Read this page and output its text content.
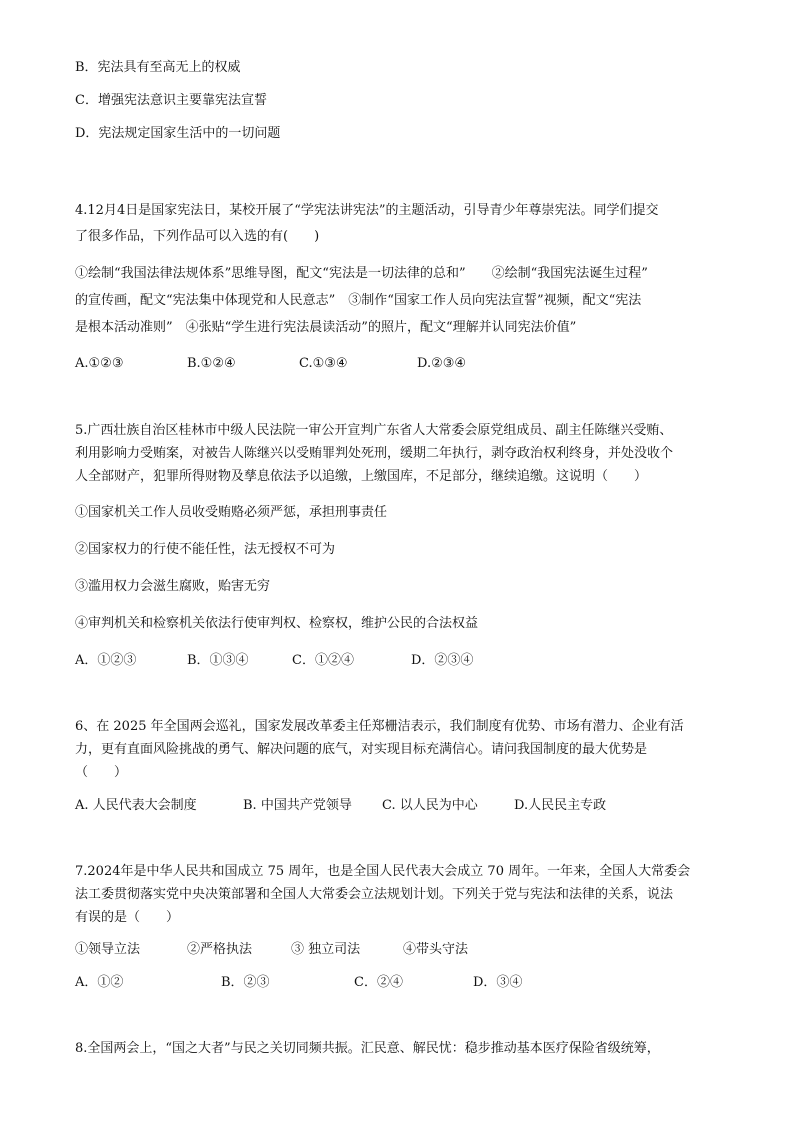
B．宪法具有至高无上的权威
C．增强宪法意识主要靠宪法宣誓
D．宪法规定国家生活中的一切问题
4.12月4日是国家宪法日，某校开展了“学宪法讲宪法”的主题活动，引导青少年尊崇宪法。同学们提交
了很多作品，下列作品可以入选的有(　　)
①绘制“我国法律法规体系”思维导图，配文“宪法是一切法律的总和”　　②绘制“我国宪法诞生过程”
的宣传画，配文“宪法集中体现党和人民意志”　③制作“国家工作人员向宪法宣誓”视频，配文“宪法
是根本活动准则”　④张贴“学生进行宪法晨读活动”的照片，配文“理解并认同宪法价值”
A.①②③	B.①②④	C.①③④	D.②③④
5.广西壮族自治区桂林市中级人民法院一审公开宣判广东省人大常委会原党组成员、副主任陈继兴受贿、
利用影响力受贿案，对被告人陈继兴以受贿罪判处死刑，缓期二年执行，剥夺政治权利终身，并处没收个
人全部财产，犯罪所得财物及孳息依法予以追缴，上缴国库，不足部分，继续追缴。这说明（　　）
①国家机关工作人员收受贿赂必须严惩，承担刑事责任
②国家权力的行使不能任性，法无授权不可为
③滥用权力会滋生腐败，贻害无穷
④审判机关和检察机关依法行使审判权、检察权，维护公民的合法权益
A．①②③	B．①③④	C．①②④	D．②③④
6、在 2025 年全国两会巡礼，国家发展改革委主任郑栅洁表示，我们制度有优势、市场有潜力、企业有活
力，更有直面风险挑战的勇气、解决问题的底气，对实现目标充满信心。请问我国制度的最大优势是
（　　）
A. 人民代表大会制度	B. 中国共产党领导 C. 以人民为中心	D.人民民主专政
7.2024年是中华人民共和国成立 75 周年，也是全国人民代表大会成立 70 周年。一年来，全国人大常委会
法工委贯彻落实党中央决策部署和全国人大常委会立法规划计划。下列关于党与宪法和法律的关系，说法
有误的是（　　）
①领导立法	②严格执法	③ 独立司法	④带头守法
A．①②	B．②③	C．②④	D．③④
8.全国两会上，“国之大者”与民之关切同频共振。汇民意、解民忧：稳步推动基本医疗保险省级统筹，
